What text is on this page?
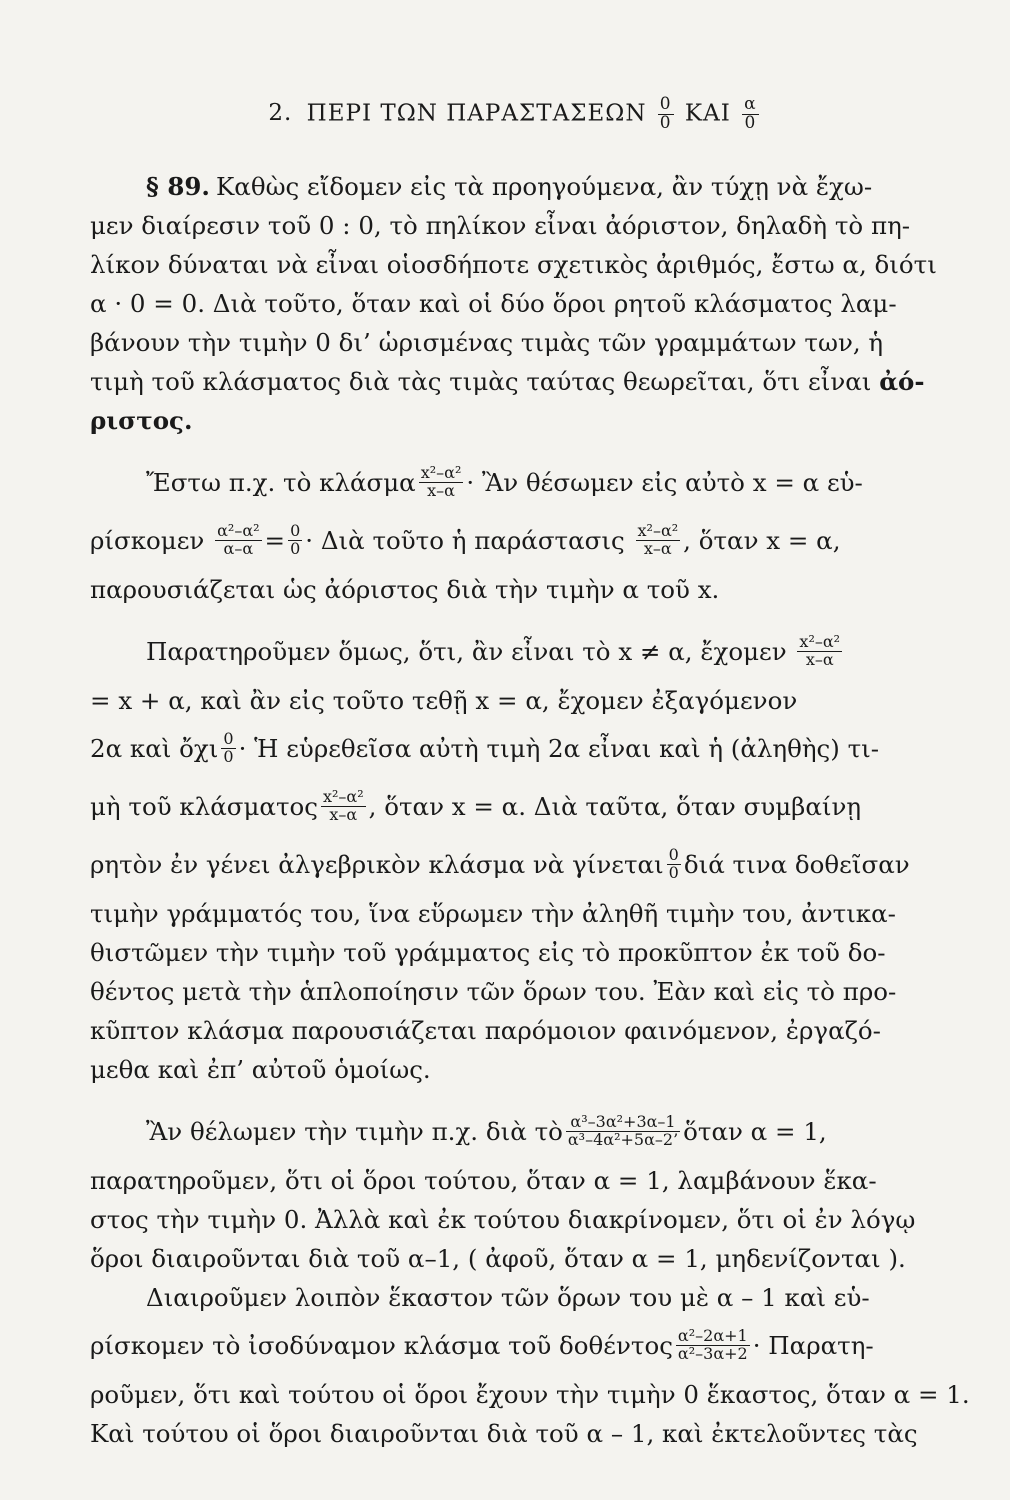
2. ΠΕΡΙ ΤΩΝ ΠΑΡΑΣΤΑΣΕΩΝ $\frac{0}{0}$ ΚΑΙ $\frac{\alpha}{0}$
§ 89. Καθὼς εἴδομεν εἰς τὰ προηγούμενα, ἂν τύχῃ νὰ ἔχω-
μεν διαίρεσιν τοῦ 0 : 0, τὸ πηλίκον εἶναι ἀόριστον, δηλαδὴ τὸ πη-
λίκον δύναται νὰ εἶναι οἱοσδήποτε σχετικὸς ἀριθμός, ἔστω α, διότι
α · 0 = 0. Διὰ τοῦτο, ὅταν καὶ οἱ δύο ὅροι ρητοῦ κλάσματος λαμ-
βάνουν τὴν τιμὴν 0 δι’ ὡρισμένας τιμὰς τῶν γραμμάτων των, ἡ
τιμὴ τοῦ κλάσματος διὰ τὰς τιμὰς ταύτας θεωρεῖται, ὅτι εἶναι ἀό-
ριστος.
Ἔστω π.χ. τὸ κλάσμα $\frac{\text{x²–α²}}{x-\alpha}$ · Ἂν θέσωμεν εἰς αὐτὸ x = α εὑ-
ρίσκομεν
$\frac{\text{α²–α²}}{\alpha-\alpha} = \frac{0}{0}$ · Διὰ τοῦτο ἡ παράστασις
$\frac{\text{x²–α²}}{x-\alpha}$ , ὅταν x = α,
παρουσιάζεται ὡς ἀόριστος διὰ τὴν τιμὴν α τοῦ x.
Παρατηροῦμεν ὅμως, ὅτι, ἂν εἶναι τὸ x ≠ α, ἔχομεν
$\frac{\text{x²–α²}}{x-\alpha}$
= x + α, καὶ ἂν εἰς τοῦτο τεθῇ x = α, ἔχομεν ἐξαγόμενον
2α καὶ ὄχι $\frac{0}{0}$ · Ἡ εὑρεθεῖσα αὐτὴ τιμὴ 2α εἶναι καὶ ἡ (ἀληθὴς) τι-
μὴ τοῦ κλάσματος $\frac{\text{x²–α²}}{x-\alpha}$ , ὅταν x = α. Διὰ ταῦτα, ὅταν συμβαίνῃ
ρητὸν ἐν γένει ἀλγεβρικὸν κλάσμα νὰ γίνεται $\frac{0}{0}$ διά τινα δοθεῖσαν
τιμὴν γράμματός του, ἵνα εὕρωμεν τὴν ἀληθῆ τιμὴν του, ἀντικα-
θιστῶμεν τὴν τιμὴν τοῦ γράμματος εἰς τὸ προκῦπτον ἐκ τοῦ δο-
θέντος μετὰ τὴν ἁπλοποίησιν τῶν ὅρων του. Ἐὰν καὶ εἰς τὸ προ-
κῦπτον κλάσμα παρουσιάζεται παρόμοιον φαινόμενον, ἐργαζό-
μεθα καὶ ἐπ’ αὐτοῦ ὁμοίως.
Ἂν θέλωμεν τὴν τιμὴν π.χ. διὰ τὸ $\frac{\text{α³–3α²+3α–1}}{\text{α³–4α²+5α–2’}}$ ὅταν α = 1,
παρατηροῦμεν, ὅτι οἱ ὅροι τούτου, ὅταν α = 1, λαμβάνουν ἕκα-
στος τὴν τιμὴν 0. Ἀλλὰ καὶ ἐκ τούτου διακρίνομεν, ὅτι οἱ ἐν λόγῳ
ὅροι διαιροῦνται διὰ τοῦ α–1, ( ἀφοῦ, ὅταν α = 1, μηδενίζονται ).
Διαιροῦμεν λοιπὸν ἕκαστον τῶν ὅρων του μὲ α – 1 καὶ εὑ-
ρίσκομεν τὸ ἰσοδύναμον κλάσμα τοῦ δοθέντος $\frac{\text{α²–2α+1}}{\text{α²–3α+2}} \cdot \Pi\alpha\rho\alpha\tau\eta-$
ροῦμεν, ὅτι καὶ τούτου οἱ ὅροι ἔχουν τὴν τιμὴν 0 ἕκαστος, ὅταν α = 1.
Καὶ τούτου οἱ ὅροι διαιροῦνται διὰ τοῦ α – 1, καὶ ἐκτελοῦντες τὰς
